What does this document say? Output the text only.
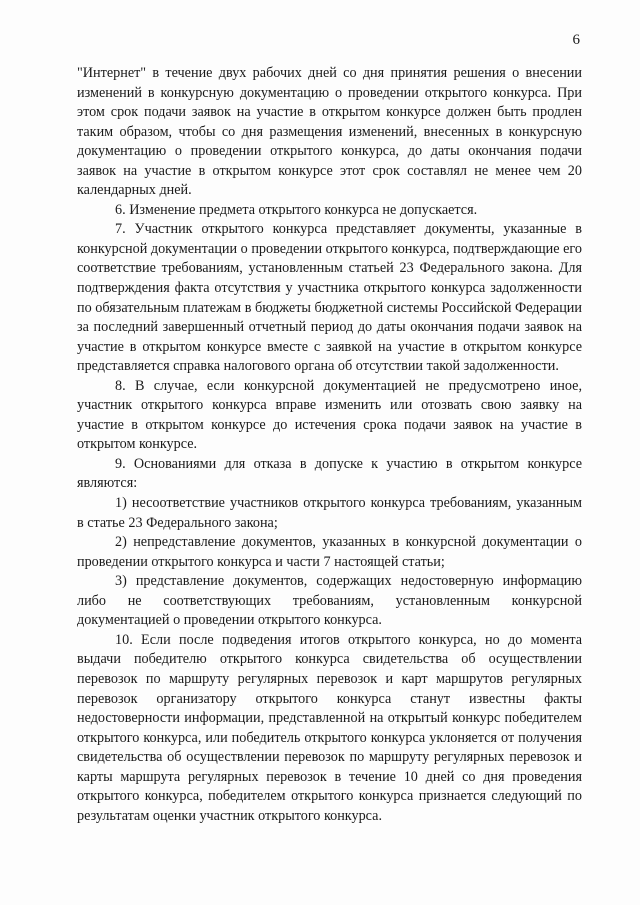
6

"Интернет" в течение двух рабочих дней со дня принятия решения о внесении изменений в конкурсную документацию о проведении открытого конкурса. При этом срок подачи заявок на участие в открытом конкурсе должен быть продлен таким образом, чтобы со дня размещения изменений, внесенных в конкурсную документацию о проведении открытого конкурса, до даты окончания подачи заявок на участие в открытом конкурсе этот срок составлял не менее чем 20 календарных дней.

6. Изменение предмета открытого конкурса не допускается.

7. Участник открытого конкурса представляет документы, указанные в конкурсной документации о проведении открытого конкурса, подтверждающие его соответствие требованиям, установленным статьей 23 Федерального закона. Для подтверждения факта отсутствия у участника открытого конкурса задолженности по обязательным платежам в бюджеты бюджетной системы Российской Федерации за последний завершенный отчетный период до даты окончания подачи заявок на участие в открытом конкурсе вместе с заявкой на участие в открытом конкурсе представляется справка налогового органа об отсутствии такой задолженности.

8. В случае, если конкурсной документацией не предусмотрено иное, участник открытого конкурса вправе изменить или отозвать свою заявку на участие в открытом конкурсе до истечения срока подачи заявок на участие в открытом конкурсе.

9. Основаниями для отказа в допуске к участию в открытом конкурсе являются:

1) несоответствие участников открытого конкурса требованиям, указанным в статье 23 Федерального закона;

2) непредставление документов, указанных в конкурсной документации о проведении открытого конкурса и части 7 настоящей статьи;

3) представление документов, содержащих недостоверную информацию либо не соответствующих требованиям, установленным конкурсной документацией о проведении открытого конкурса.

10. Если после подведения итогов открытого конкурса, но до момента выдачи победителю открытого конкурса свидетельства об осуществлении перевозок по маршруту регулярных перевозок и карт маршрутов регулярных перевозок организатору открытого конкурса станут известны факты недостоверности информации, представленной на открытый конкурс победителем открытого конкурса, или победитель открытого конкурса уклоняется от получения свидетельства об осуществлении перевозок по маршруту регулярных перевозок и карты маршрута регулярных перевозок в течение 10 дней со дня проведения открытого конкурса, победителем открытого конкурса признается следующий по результатам оценки участник открытого конкурса.
